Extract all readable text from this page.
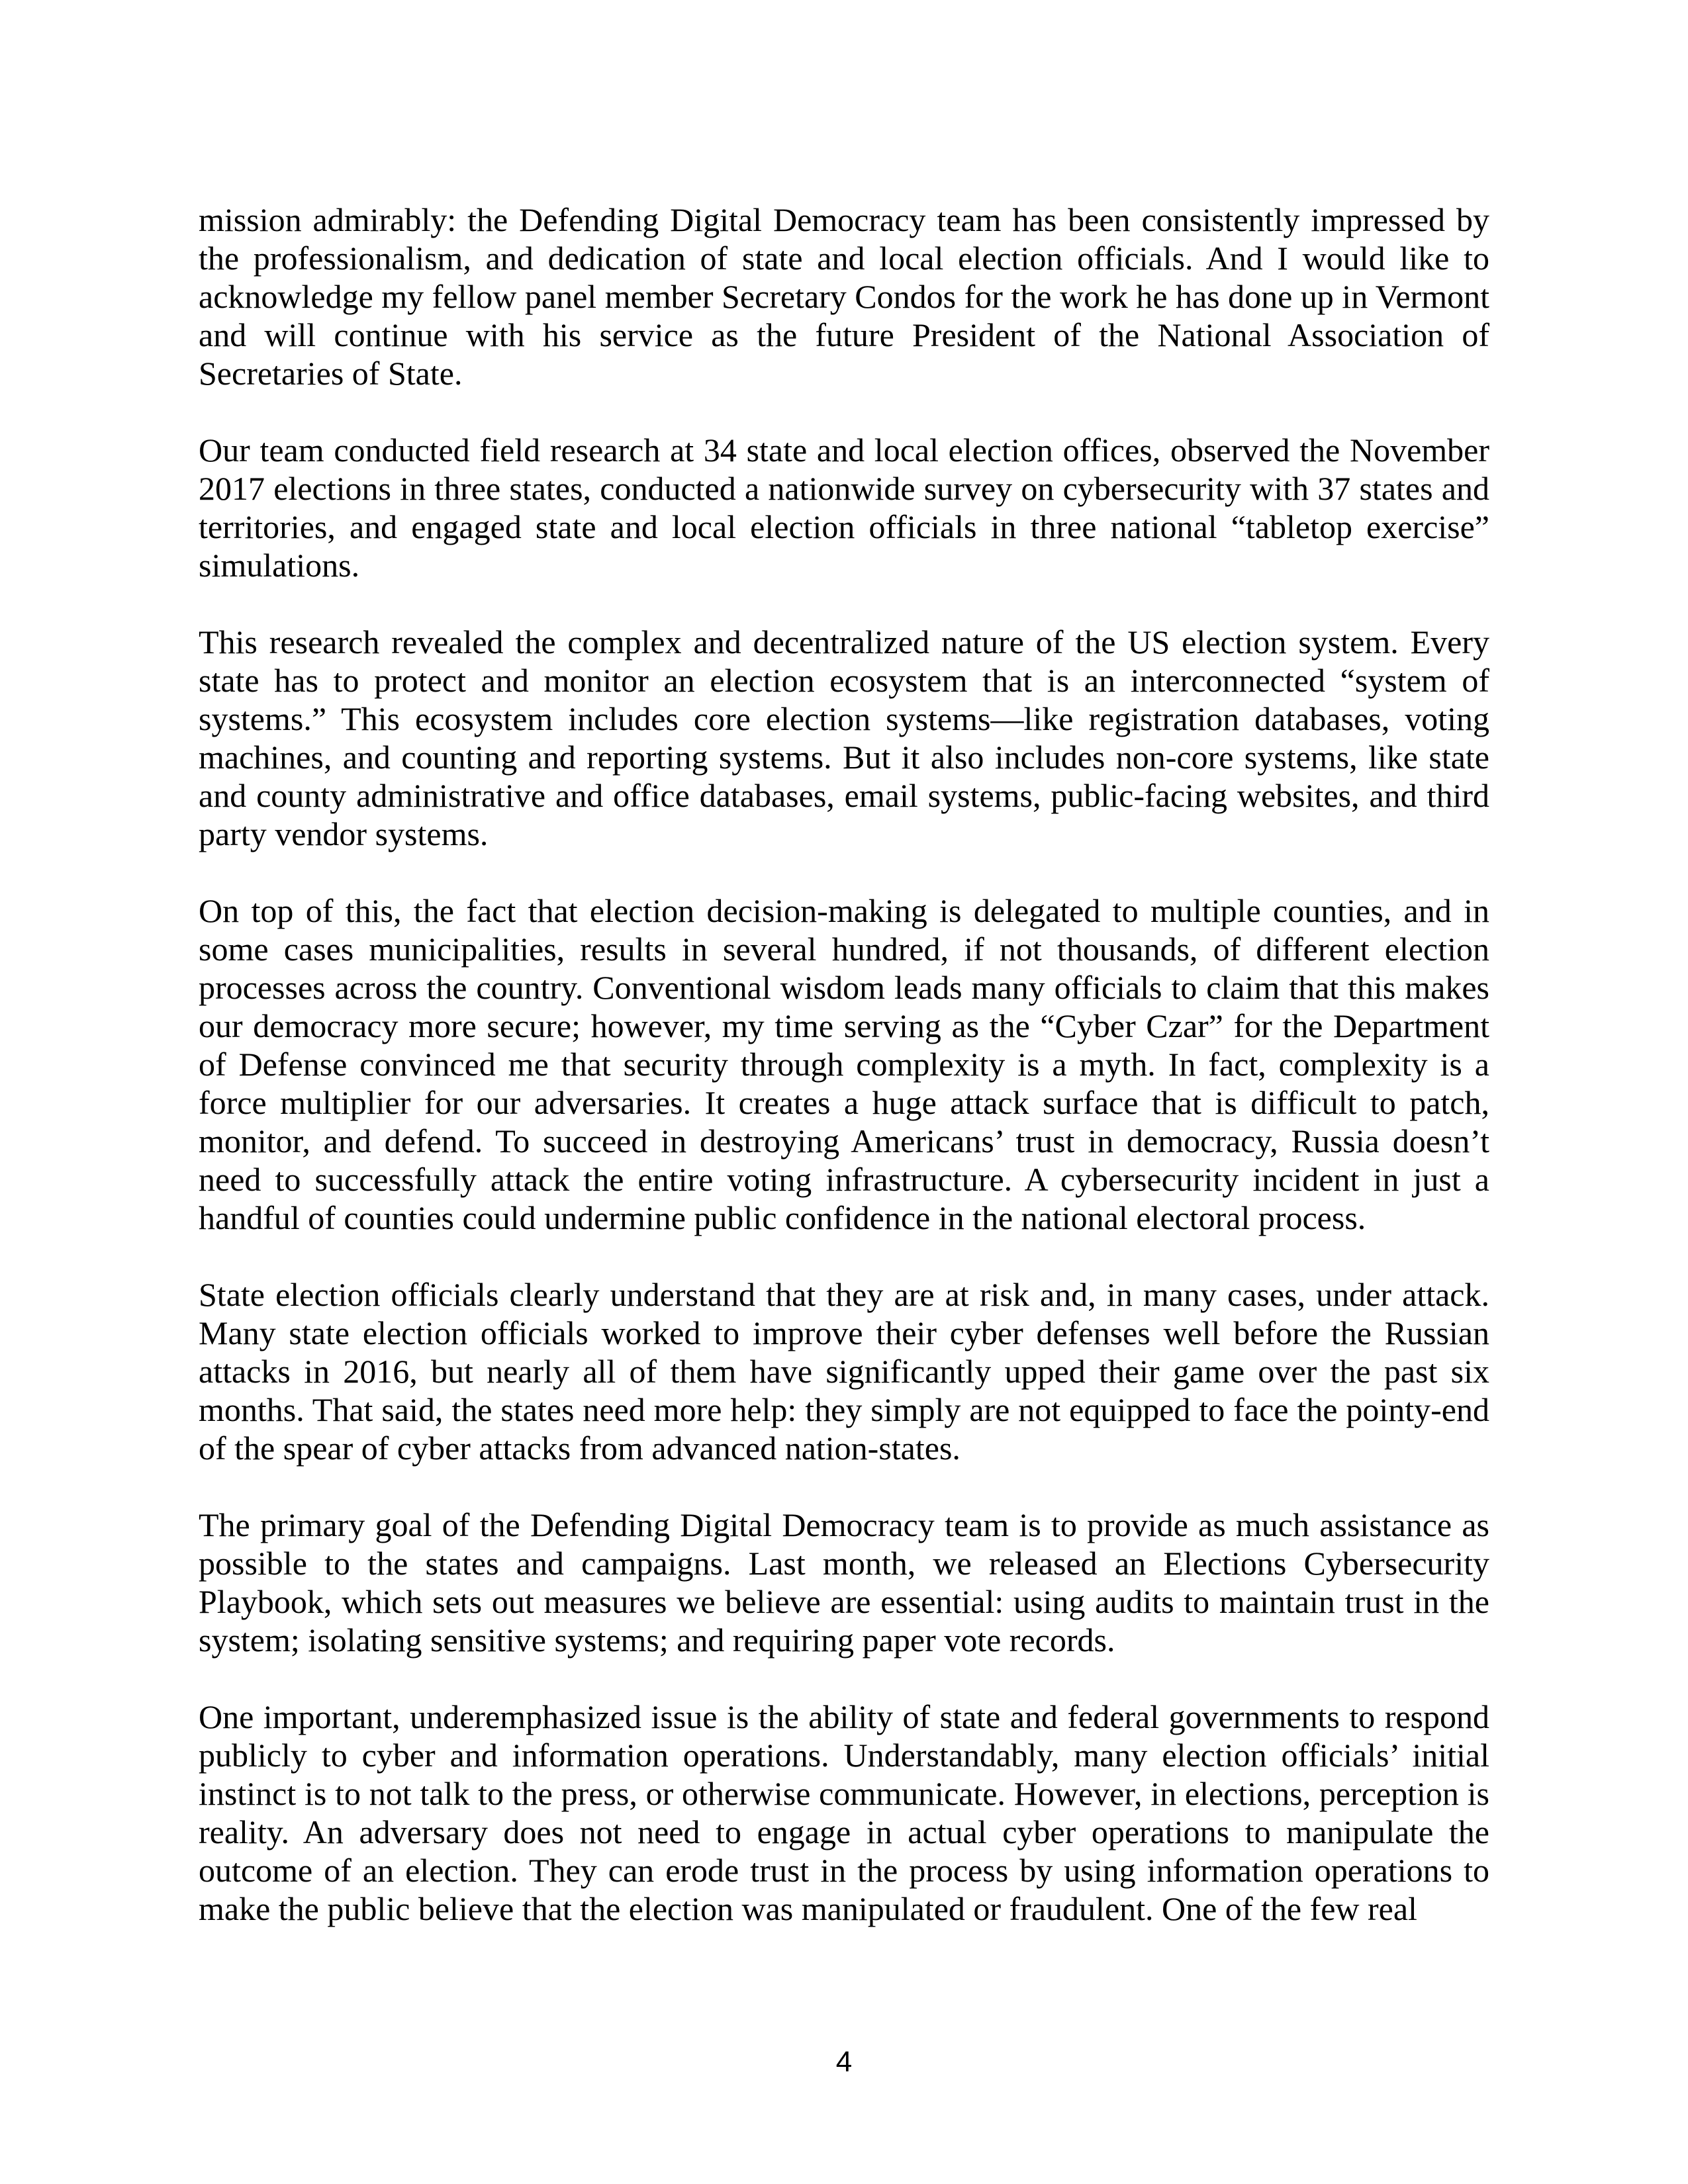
mission admirably: the Defending Digital Democracy team has been consistently impressed by the professionalism, and dedication of state and local election officials. And I would like to acknowledge my fellow panel member Secretary Condos for the work he has done up in Vermont and will continue with his service as the future President of the National Association of Secretaries of State.

Our team conducted field research at 34 state and local election offices, observed the November 2017 elections in three states, conducted a nationwide survey on cybersecurity with 37 states and territories, and engaged state and local election officials in three national “tabletop exercise” simulations.

This research revealed the complex and decentralized nature of the US election system. Every state has to protect and monitor an election ecosystem that is an interconnected “system of systems.” This ecosystem includes core election systems—like registration databases, voting machines, and counting and reporting systems. But it also includes non-core systems, like state and county administrative and office databases, email systems, public-facing websites, and third party vendor systems.

On top of this, the fact that election decision-making is delegated to multiple counties, and in some cases municipalities, results in several hundred, if not thousands, of different election processes across the country. Conventional wisdom leads many officials to claim that this makes our democracy more secure; however, my time serving as the “Cyber Czar” for the Department of Defense convinced me that security through complexity is a myth. In fact, complexity is a force multiplier for our adversaries. It creates a huge attack surface that is difficult to patch, monitor, and defend. To succeed in destroying Americans’ trust in democracy, Russia doesn’t need to successfully attack the entire voting infrastructure. A cybersecurity incident in just a handful of counties could undermine public confidence in the national electoral process.

State election officials clearly understand that they are at risk and, in many cases, under attack. Many state election officials worked to improve their cyber defenses well before the Russian attacks in 2016, but nearly all of them have significantly upped their game over the past six months. That said, the states need more help: they simply are not equipped to face the pointy-end of the spear of cyber attacks from advanced nation-states.

The primary goal of the Defending Digital Democracy team is to provide as much assistance as possible to the states and campaigns. Last month, we released an Elections Cybersecurity Playbook, which sets out measures we believe are essential: using audits to maintain trust in the system; isolating sensitive systems; and requiring paper vote records.

One important, underemphasized issue is the ability of state and federal governments to respond publicly to cyber and information operations. Understandably, many election officials’ initial instinct is to not talk to the press, or otherwise communicate. However, in elections, perception is reality. An adversary does not need to engage in actual cyber operations to manipulate the outcome of an election. They can erode trust in the process by using information operations to make the public believe that the election was manipulated or fraudulent. One of the few real

4
